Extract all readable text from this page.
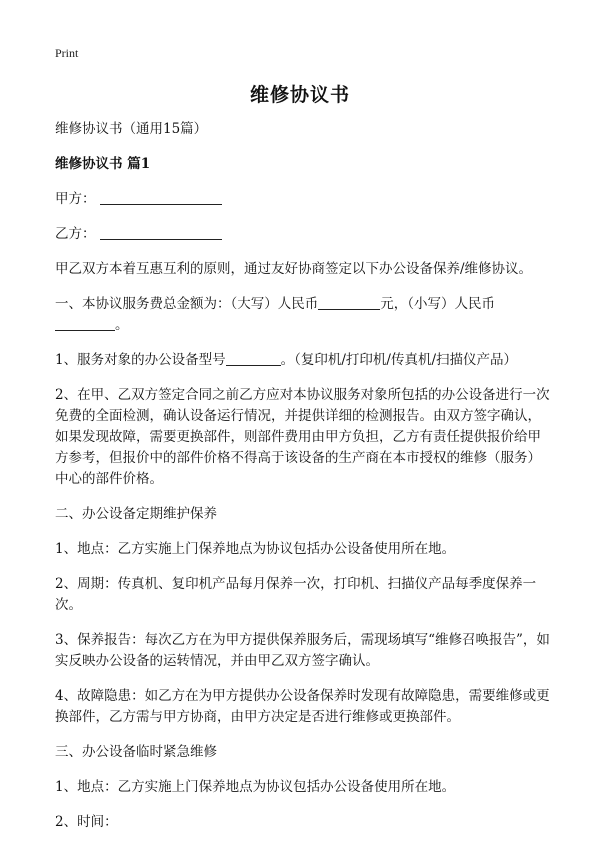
Print
维修协议书

维修协议书（通用15篇）

维修协议书 篇1

甲方：

乙方：

甲乙双方本着互惠互利的原则，通过友好协商签定以下办公设备保养/维修协议。

一、本协议服务费总金额为：（大写）人民币	元，（小写）人民币
。

1、服务对象的办公设备型号	。（复印机/打印机/传真机/扫描仪产品）

2、在甲、乙双方签定合同之前乙方应对本协议服务对象所包括的办公设备进行一次免费的全面检测，确认设备运行情况，并提供详细的检测报告。由双方签字确认，如果发现故障，需要更换部件，则部件费用由甲方负担，乙方有责任提供报价给甲方参考，但报价中的部件价格不得高于该设备的生产商在本市授权的维修（服务）中心的部件价格。

二、办公设备定期维护保养

1、地点：乙方实施上门保养地点为协议包括办公设备使用所在地。

2、周期：传真机、复印机产品每月保养一次，打印机、扫描仪产品每季度保养一次。

3、保养报告：每次乙方在为甲方提供保养服务后，需现场填写“维修召唤报告”，如实反映办公设备的运转情况，并由甲乙双方签字确认。

4、故障隐患：如乙方在为甲方提供办公设备保养时发现有故障隐患，需要维修或更换部件，乙方需与甲方协商，由甲方决定是否进行维修或更换部件。

三、办公设备临时紧急维修

1、地点：乙方实施上门保养地点为协议包括办公设备使用所在地。

2、时间：
